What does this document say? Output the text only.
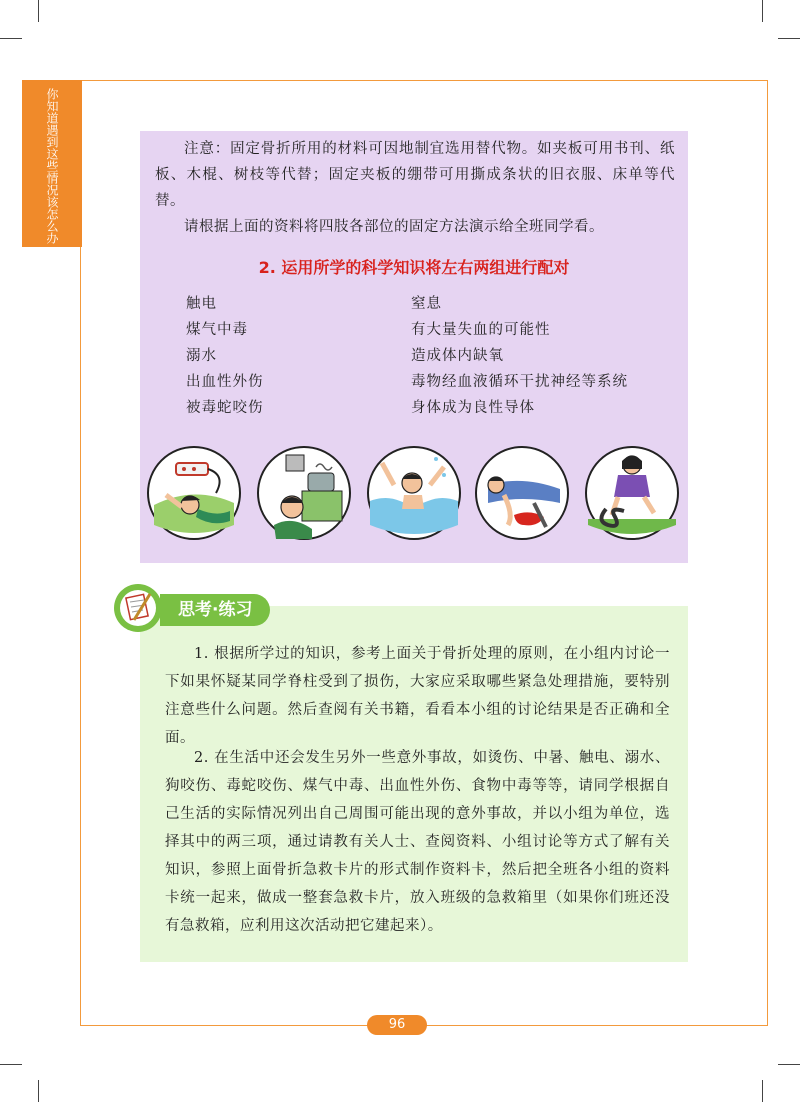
你知道遇到这些情况该怎么办
注意：固定骨折所用的材料可因地制宜选用替代物。如夹板可用书刊、纸板、木棍、树枝等代替；固定夹板的绷带可用撕成条状的旧衣服、床单等代替。
请根据上面的资料将四肢各部位的固定方法演示给全班同学看。
2. 运用所学的科学知识将左右两组进行配对
触电
煤气中毒
溺水
出血性外伤
被毒蛇咬伤
窒息
有大量失血的可能性
造成体内缺氧
毒物经血液循环干扰神经等系统
身体成为良性导体
思考·练习
1. 根据所学过的知识，参考上面关于骨折处理的原则，在小组内讨论一下如果怀疑某同学脊柱受到了损伤，大家应采取哪些紧急处理措施，要特别注意些什么问题。然后查阅有关书籍，看看本小组的讨论结果是否正确和全面。
2. 在生活中还会发生另外一些意外事故，如烫伤、中暑、触电、溺水、狗咬伤、毒蛇咬伤、煤气中毒、出血性外伤、食物中毒等等，请同学根据自己生活的实际情况列出自己周围可能出现的意外事故，并以小组为单位，选择其中的两三项，通过请教有关人士、查阅资料、小组讨论等方式了解有关知识，参照上面骨折急救卡片的形式制作资料卡，然后把全班各小组的资料卡统一起来，做成一整套急救卡片，放入班级的急救箱里（如果你们班还没有急救箱，应利用这次活动把它建起来）。
96
